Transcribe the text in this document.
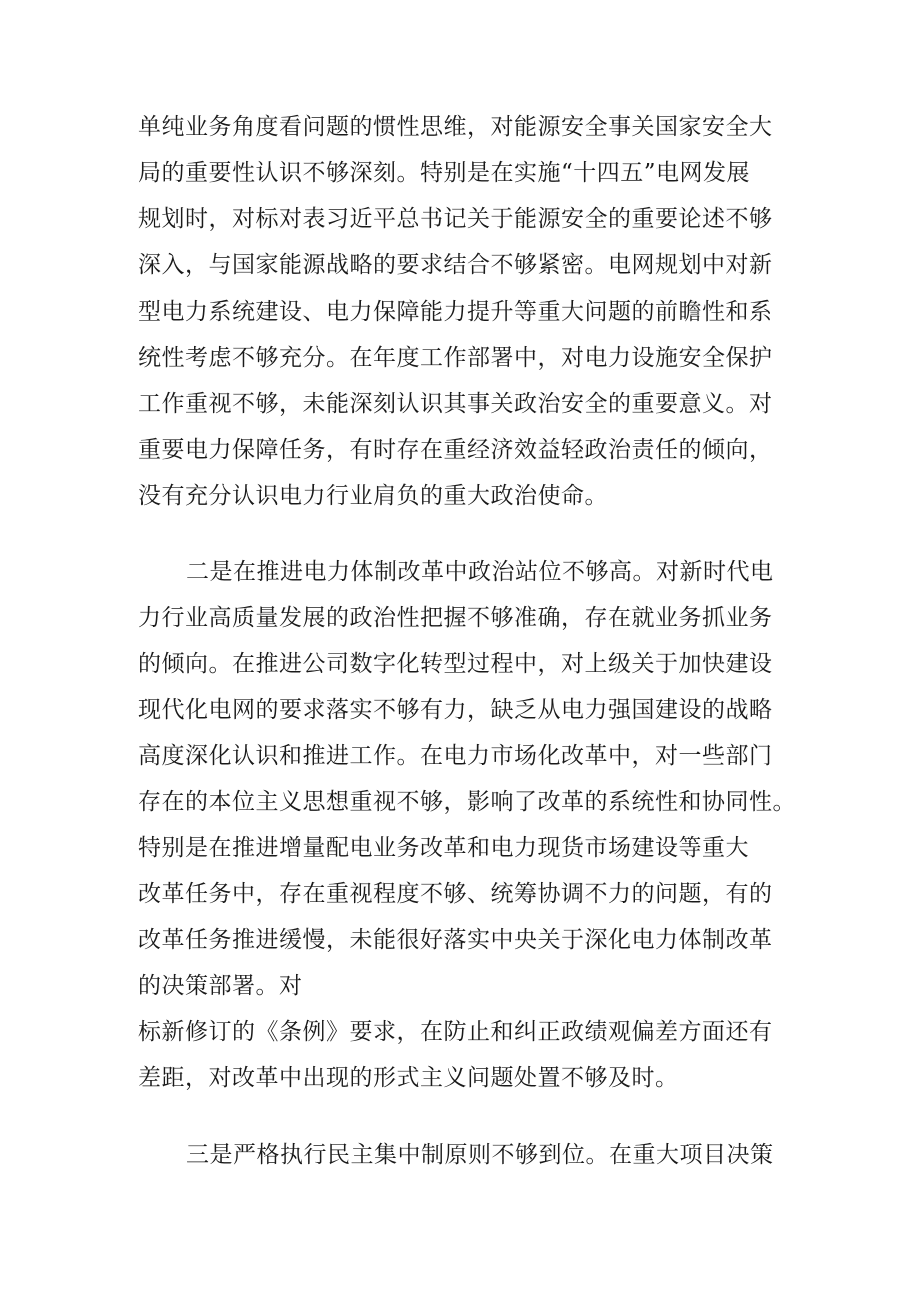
单纯业务角度看问题的惯性思维，对能源安全事关国家安全大
局的重要性认识不够深刻。特别是在实施“十四五”电网发展
规划时，对标对表习近平总书记关于能源安全的重要论述不够
深入，与国家能源战略的要求结合不够紧密。电网规划中对新
型电力系统建设、电力保障能力提升等重大问题的前瞻性和系
统性考虑不够充分。在年度工作部署中，对电力设施安全保护
工作重视不够，未能深刻认识其事关政治安全的重要意义。对
重要电力保障任务，有时存在重经济效益轻政治责任的倾向，
没有充分认识电力行业肩负的重大政治使命。
二是在推进电力体制改革中政治站位不够高。对新时代电
力行业高质量发展的政治性把握不够准确，存在就业务抓业务
的倾向。在推进公司数字化转型过程中，对上级关于加快建设
现代化电网的要求落实不够有力，缺乏从电力强国建设的战略
高度深化认识和推进工作。在电力市场化改革中，对一些部门
存在的本位主义思想重视不够，影响了改革的系统性和协同性。
特别是在推进增量配电业务改革和电力现货市场建设等重大
改革任务中，存在重视程度不够、统筹协调不力的问题，有的
改革任务推进缓慢，未能很好落实中央关于深化电力体制改革
的决策部署。对
标新修订的《条例》要求，在防止和纠正政绩观偏差方面还有
差距，对改革中出现的形式主义问题处置不够及时。
三是严格执行民主集中制原则不够到位。在重大项目决策
